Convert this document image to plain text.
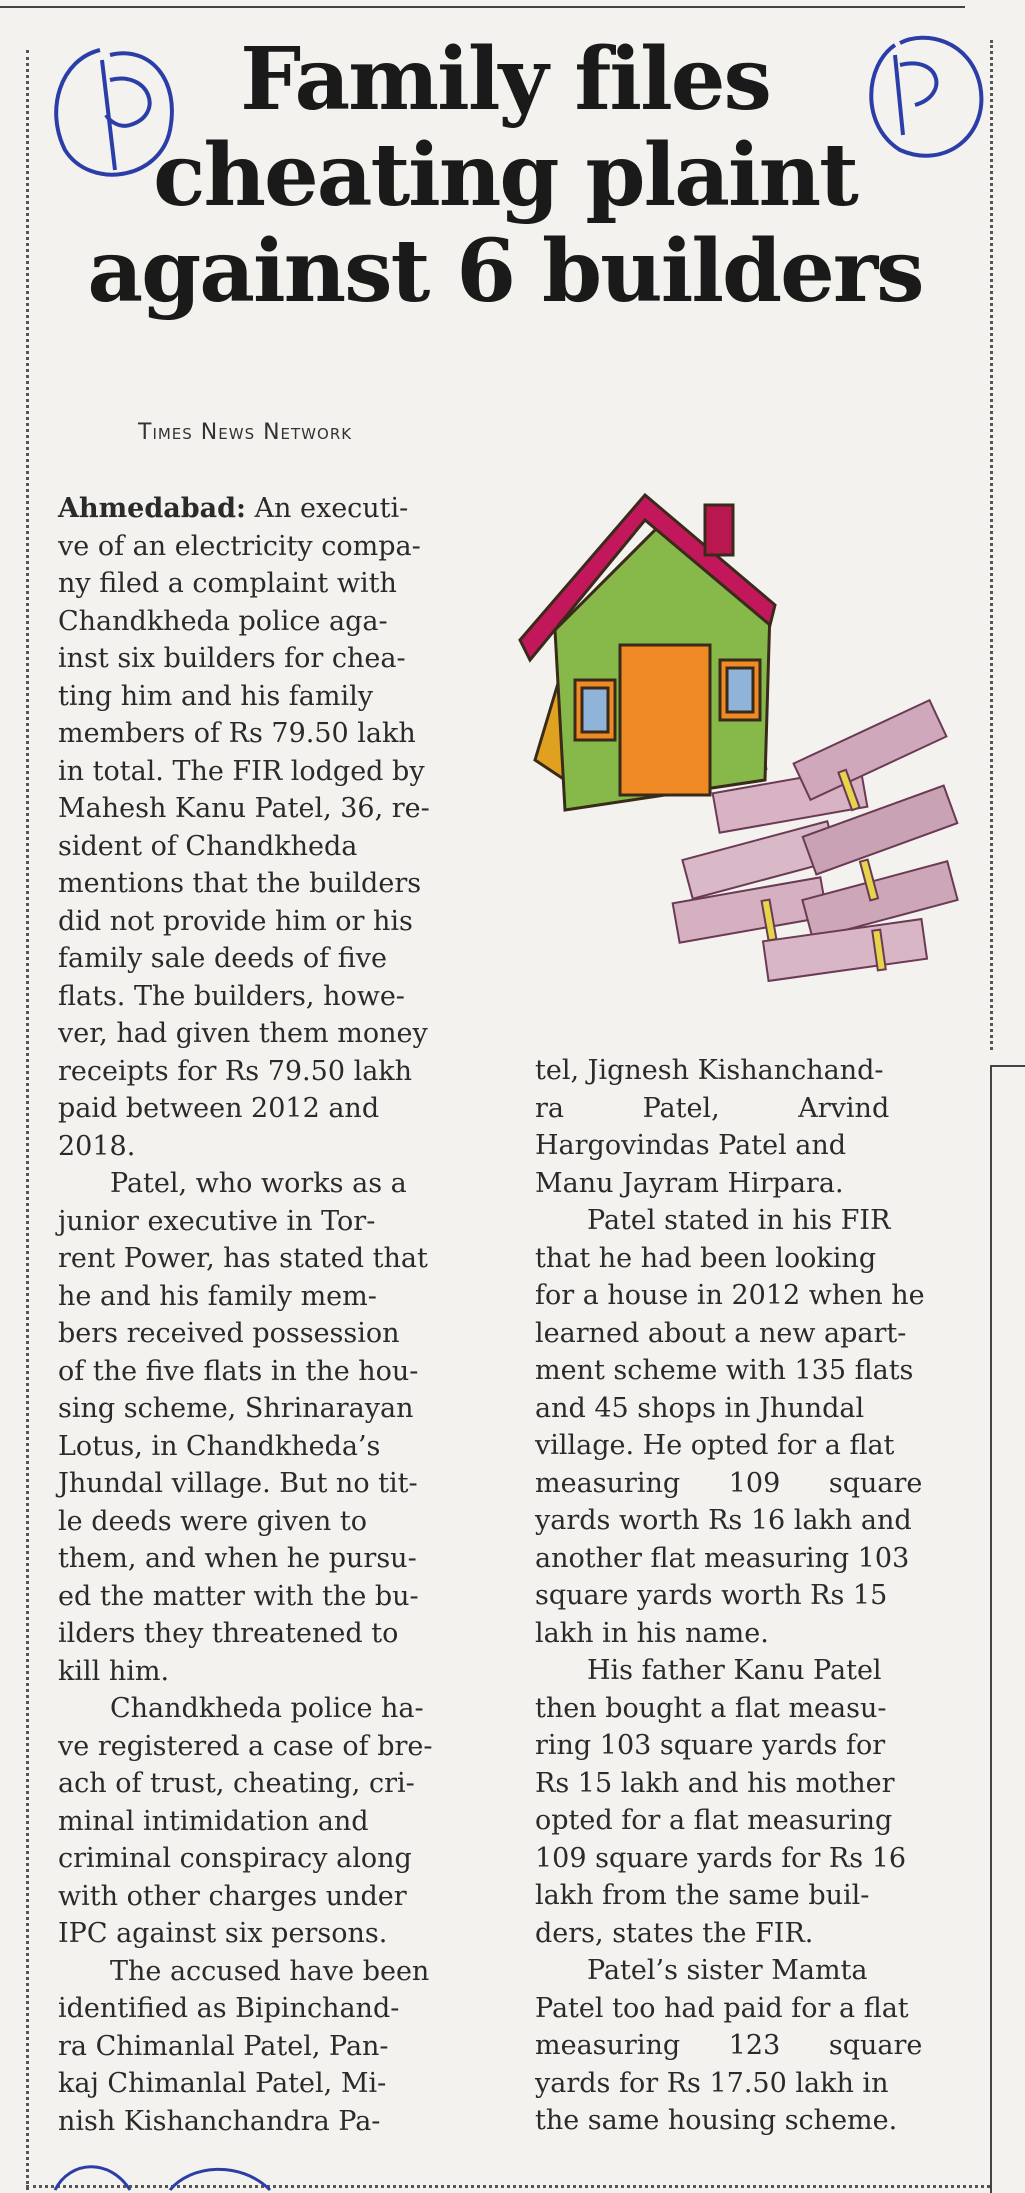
Family files
cheating plaint
against 6 builders
Times News Network

Ahmedabad: An executi-
ve of an electricity compa-
ny filed a complaint with
Chandkheda police aga-
inst six builders for chea-
ting him and his family
members of Rs 79.50 lakh
in total. The FIR lodged by
Mahesh Kanu Patel, 36, re-
sident of Chandkheda
mentions that the builders
did not provide him or his
family sale deeds of five
flats. The builders, howe-
ver, had given them money
receipts for Rs 79.50 lakh
paid between 2012 and
2018.

Patel, who works as a
junior executive in Tor-
rent Power, has stated that
he and his family mem-
bers received possession
of the five flats in the hou-
sing scheme, Shrinarayan
Lotus, in Chandkheda’s
Jhundal village. But no tit-
le deeds were given to
them, and when he pursu-
ed the matter with the bu-
ilders they threatened to
kill him.

Chandkheda police ha-
ve registered a case of bre-
ach of trust, cheating, cri-
minal intimidation and
criminal conspiracy along
with other charges under
IPC against six persons.

The accused have been
identified as Bipinchand-
ra Chimanlal Patel, Pan-
kaj Chimanlal Patel, Mi-
nish Kishanchandra Pa-

tel, Jignesh Kishanchand-
ra Patel, Arvind
Hargovindas Patel and
Manu Jayram Hirpara.

Patel stated in his FIR
that he had been looking
for a house in 2012 when he
learned about a new apart-
ment scheme with 135 flats
and 45 shops in Jhundal
village. He opted for a flat
measuring 109 square
yards worth Rs 16 lakh and
another flat measuring 103
square yards worth Rs 15
lakh in his name.

His father Kanu Patel
then bought a flat measu-
ring 103 square yards for
Rs 15 lakh and his mother
opted for a flat measuring
109 square yards for Rs 16
lakh from the same buil-
ders, states the FIR.

Patel’s sister Mamta
Patel too had paid for a flat
measuring 123 square
yards for Rs 17.50 lakh in
the same housing scheme.
